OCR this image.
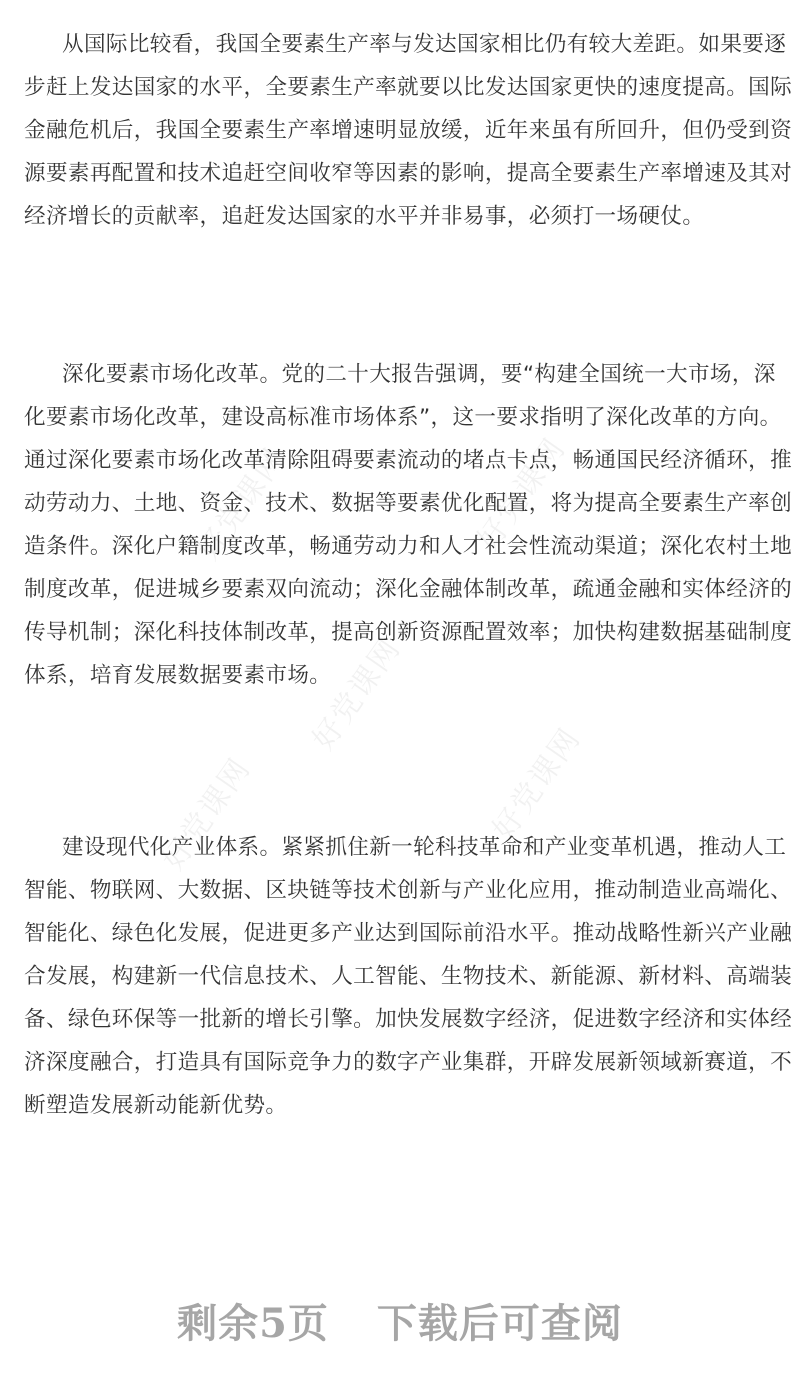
好党课网	好党课网
好党课网
好党课网	好党课网
从国际比较看，我国全要素生产率与发达国家相比仍有较大差距。如果要逐
步赶上发达国家的水平，全要素生产率就要以比发达国家更快的速度提高。国际
金融危机后，我国全要素生产率增速明显放缓，近年来虽有所回升，但仍受到资
源要素再配置和技术追赶空间收窄等因素的影响，提高全要素生产率增速及其对
经济增长的贡献率，追赶发达国家的水平并非易事，必须打一场硬仗。
深化要素市场化改革。党的二十大报告强调，要“构建全国统一大市场，深
化要素市场化改革，建设高标准市场体系”，这一要求指明了深化改革的方向。
通过深化要素市场化改革清除阻碍要素流动的堵点卡点，畅通国民经济循环，推
动劳动力、土地、资金、技术、数据等要素优化配置，将为提高全要素生产率创
造条件。深化户籍制度改革，畅通劳动力和人才社会性流动渠道；深化农村土地
制度改革，促进城乡要素双向流动；深化金融体制改革，疏通金融和实体经济的
传导机制；深化科技体制改革，提高创新资源配置效率；加快构建数据基础制度
体系，培育发展数据要素市场。
建设现代化产业体系。紧紧抓住新一轮科技革命和产业变革机遇，推动人工
智能、物联网、大数据、区块链等技术创新与产业化应用，推动制造业高端化、
智能化、绿色化发展，促进更多产业达到国际前沿水平。推动战略性新兴产业融
合发展，构建新一代信息技术、人工智能、生物技术、新能源、新材料、高端装
备、绿色环保等一批新的增长引擎。加快发展数字经济，促进数字经济和实体经
济深度融合，打造具有国际竞争力的数字产业集群，开辟发展新领域新赛道，不
断塑造发展新动能新优势。
剩余5页 下载后可查阅
